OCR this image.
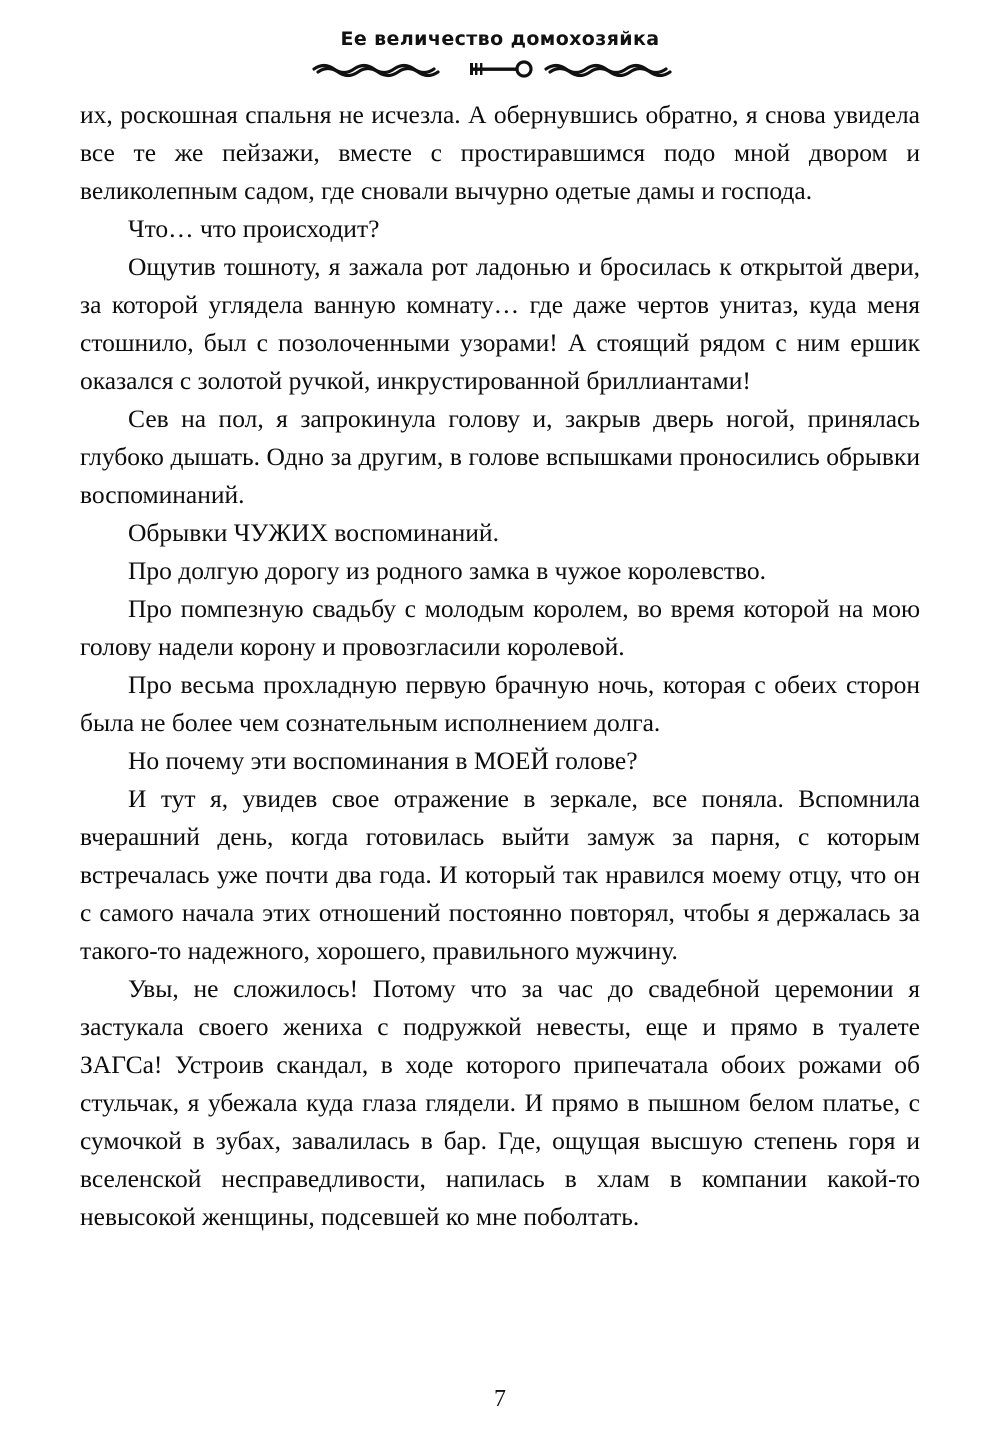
Ее величество домохозяйка

их, роскошная спальня не исчезла. А обернувшись обратно, я снова увидела все те же пейзажи, вместе с простиравшимся подо мной двором и великолепным садом, где сновали вычурно одетые дамы и господа.

Что… что происходит?

Ощутив тошноту, я зажала рот ладонью и бросилась к открытой двери, за которой углядела ванную комнату… где даже чертов унитаз, куда меня стошнило, был с позолоченными узорами! А стоящий рядом с ним ершик оказался с золотой ручкой, инкрустированной бриллиантами!

Сев на пол, я запрокинула голову и, закрыв дверь ногой, принялась глубоко дышать. Одно за другим, в голове вспышками проносились обрывки воспоминаний.

Обрывки ЧУЖИХ воспоминаний.

Про долгую дорогу из родного замка в чужое королевство.

Про помпезную свадьбу с молодым королем, во время которой на мою голову надели корону и провозгласили королевой.

Про весьма прохладную первую брачную ночь, которая с обеих сторон была не более чем сознательным исполнением долга.

Но почему эти воспоминания в МОЕЙ голове?

И тут я, увидев свое отражение в зеркале, все поняла. Вспомнила вчерашний день, когда готовилась выйти замуж за парня, с которым встречалась уже почти два года. И который так нравился моему отцу, что он с самого начала этих отношений постоянно повторял, чтобы я держалась за такого-то надежного, хорошего, правильного мужчину.

Увы, не сложилось! Потому что за час до свадебной церемонии я застукала своего жениха с подружкой невесты, еще и прямо в туалете ЗАГСа! Устроив скандал, в ходе которого припечатала обоих рожами об стульчак, я убежала куда глаза глядели. И прямо в пышном белом платье, с сумочкой в зубах, завалилась в бар. Где, ощущая высшую степень горя и вселенской несправедливости, напилась в хлам в компании какой-то невысокой женщины, подсевшей ко мне поболтать.

7
